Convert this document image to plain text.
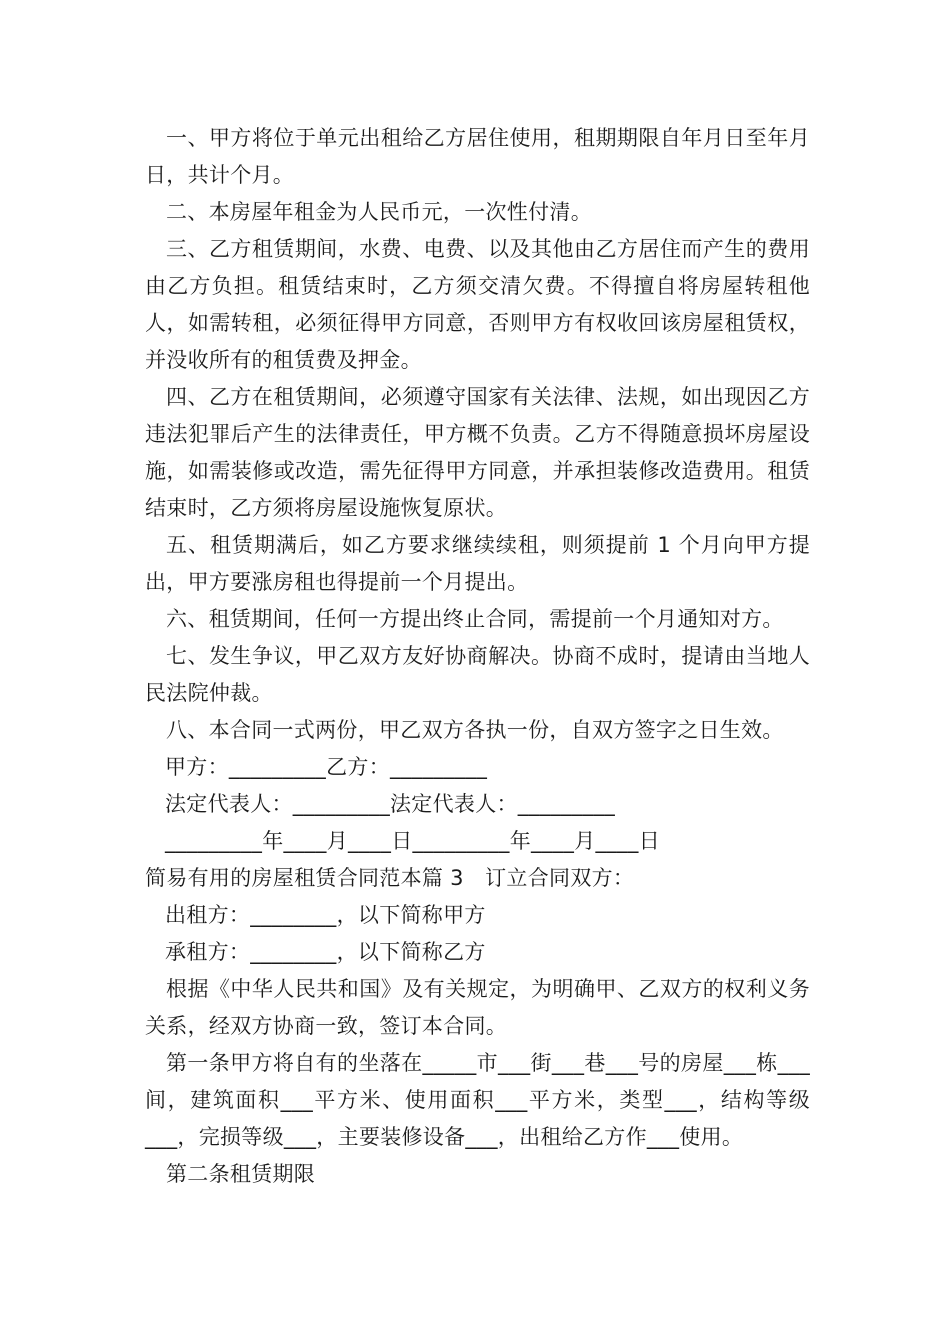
一、甲方将位于单元出租给乙方居住使用，租期期限自年月日至年月日，共计个月。

二、本房屋年租金为人民币元，一次性付清。

三、乙方租赁期间，水费、电费、以及其他由乙方居住而产生的费用由乙方负担。租赁结束时，乙方须交清欠费。不得擅自将房屋转租他人，如需转租，必须征得甲方同意，否则甲方有权收回该房屋租赁权，并没收所有的租赁费及押金。

四、乙方在租赁期间，必须遵守国家有关法律、法规，如出现因乙方违法犯罪后产生的法律责任，甲方概不负责。乙方不得随意损坏房屋设施，如需装修或改造，需先征得甲方同意，并承担装修改造费用。租赁结束时，乙方须将房屋设施恢复原状。

五、租赁期满后，如乙方要求继续续租，则须提前 1 个月向甲方提出，甲方要涨房租也得提前一个月提出。

六、租赁期间，任何一方提出终止合同，需提前一个月通知对方。

七、发生争议，甲乙双方友好协商解决。协商不成时，提请由当地人民法院仲裁。

八、本合同一式两份，甲乙双方各执一份，自双方签字之日生效。

甲方：_________乙方：_________

法定代表人：_________法定代表人：_________

_________年____月____日_________年____月____日

简易有用的房屋租赁合同范本篇 3　订立合同双方：

出租方：________，以下简称甲方

承租方：________，以下简称乙方

根据《中华人民共和国》及有关规定，为明确甲、乙双方的权利义务关系，经双方协商一致，签订本合同。

第一条甲方将自有的坐落在_____市___街___巷___号的房屋___栋___间，建筑面积___平方米、使用面积___平方米，类型___，结构等级___，完损等级___，主要装修设备___，出租给乙方作___使用。

第二条租赁期限
